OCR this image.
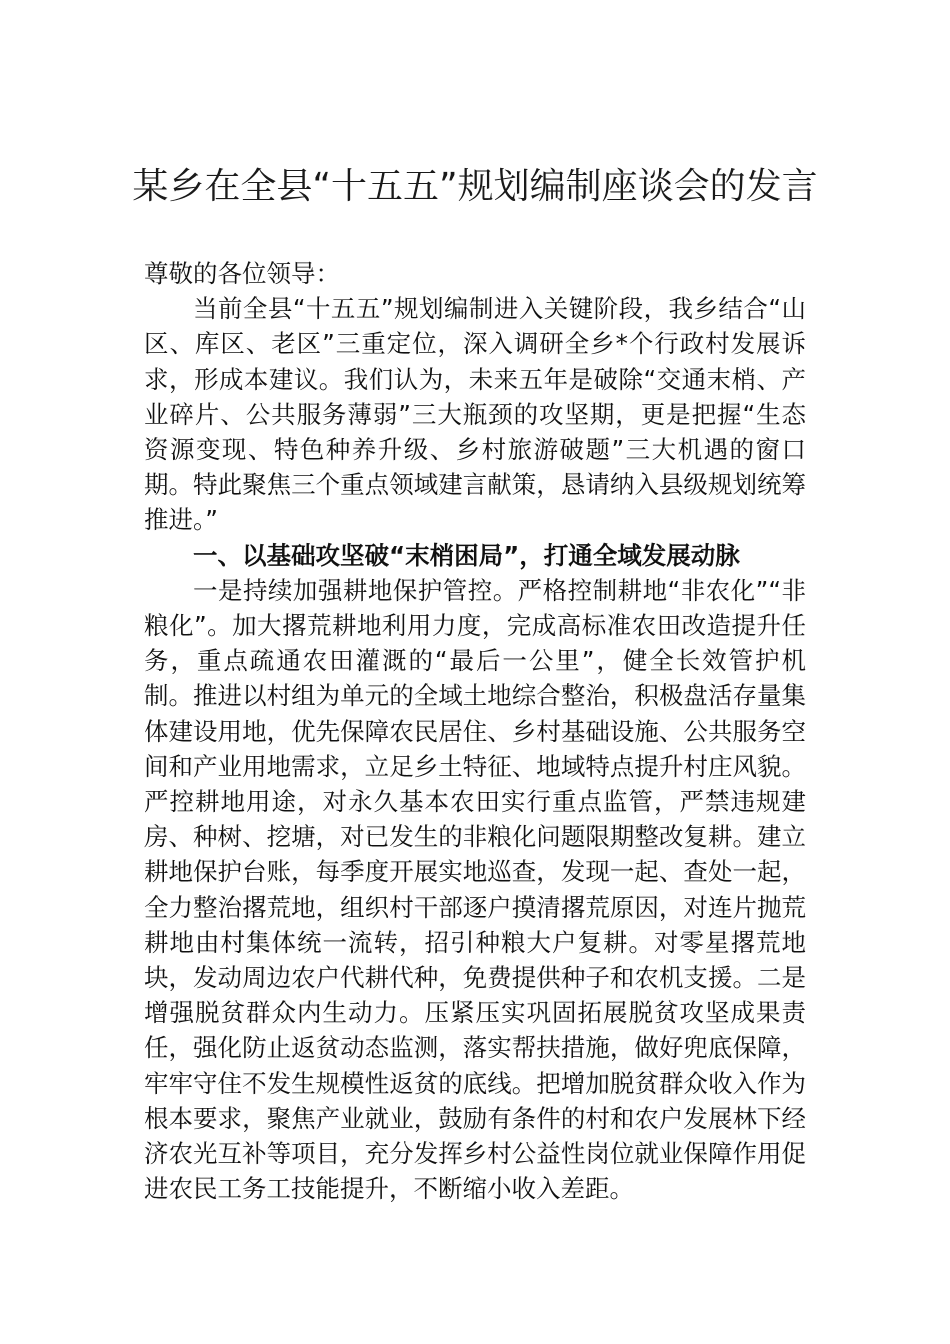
某乡在全县“十五五”规划编制座谈会的发言

尊敬的各位领导：

当前全县“十五五”规划编制进入关键阶段，我乡结合“山区、库区、老区”三重定位，深入调研全乡*个行政村发展诉求，形成本建议。我们认为，未来五年是破除“交通末梢、产业碎片、公共服务薄弱”三大瓶颈的攻坚期，更是把握“生态资源变现、特色种养升级、乡村旅游破题”三大机遇的窗口期。特此聚焦三个重点领域建言献策，恳请纳入县级规划统筹推进。”

一、以基础攻坚破“末梢困局”，打通全域发展动脉

一是持续加强耕地保护管控。严格控制耕地“非农化”“非粮化”。加大撂荒耕地利用力度，完成高标准农田改造提升任务，重点疏通农田灌溉的“最后一公里”，健全长效管护机制。推进以村组为单元的全域土地综合整治，积极盘活存量集体建设用地，优先保障农民居住、乡村基础设施、公共服务空间和产业用地需求，立足乡土特征、地域特点提升村庄风貌。严控耕地用途，对永久基本农田实行重点监管，严禁违规建房、种树、挖塘，对已发生的非粮化问题限期整改复耕。建立耕地保护台账，每季度开展实地巡查，发现一起、查处一起，全力整治撂荒地，组织村干部逐户摸清撂荒原因，对连片抛荒耕地由村集体统一流转，招引种粮大户复耕。对零星撂荒地块，发动周边农户代耕代种，免费提供种子和农机支援。二是增强脱贫群众内生动力。压紧压实巩固拓展脱贫攻坚成果责任，强化防止返贫动态监测，落实帮扶措施，做好兜底保障，牢牢守住不发生规模性返贫的底线。把增加脱贫群众收入作为根本要求，聚焦产业就业，鼓励有条件的村和农户发展林下经济农光互补等项目，充分发挥乡村公益性岗位就业保障作用促进农民工务工技能提升，不断缩小收入差距。
